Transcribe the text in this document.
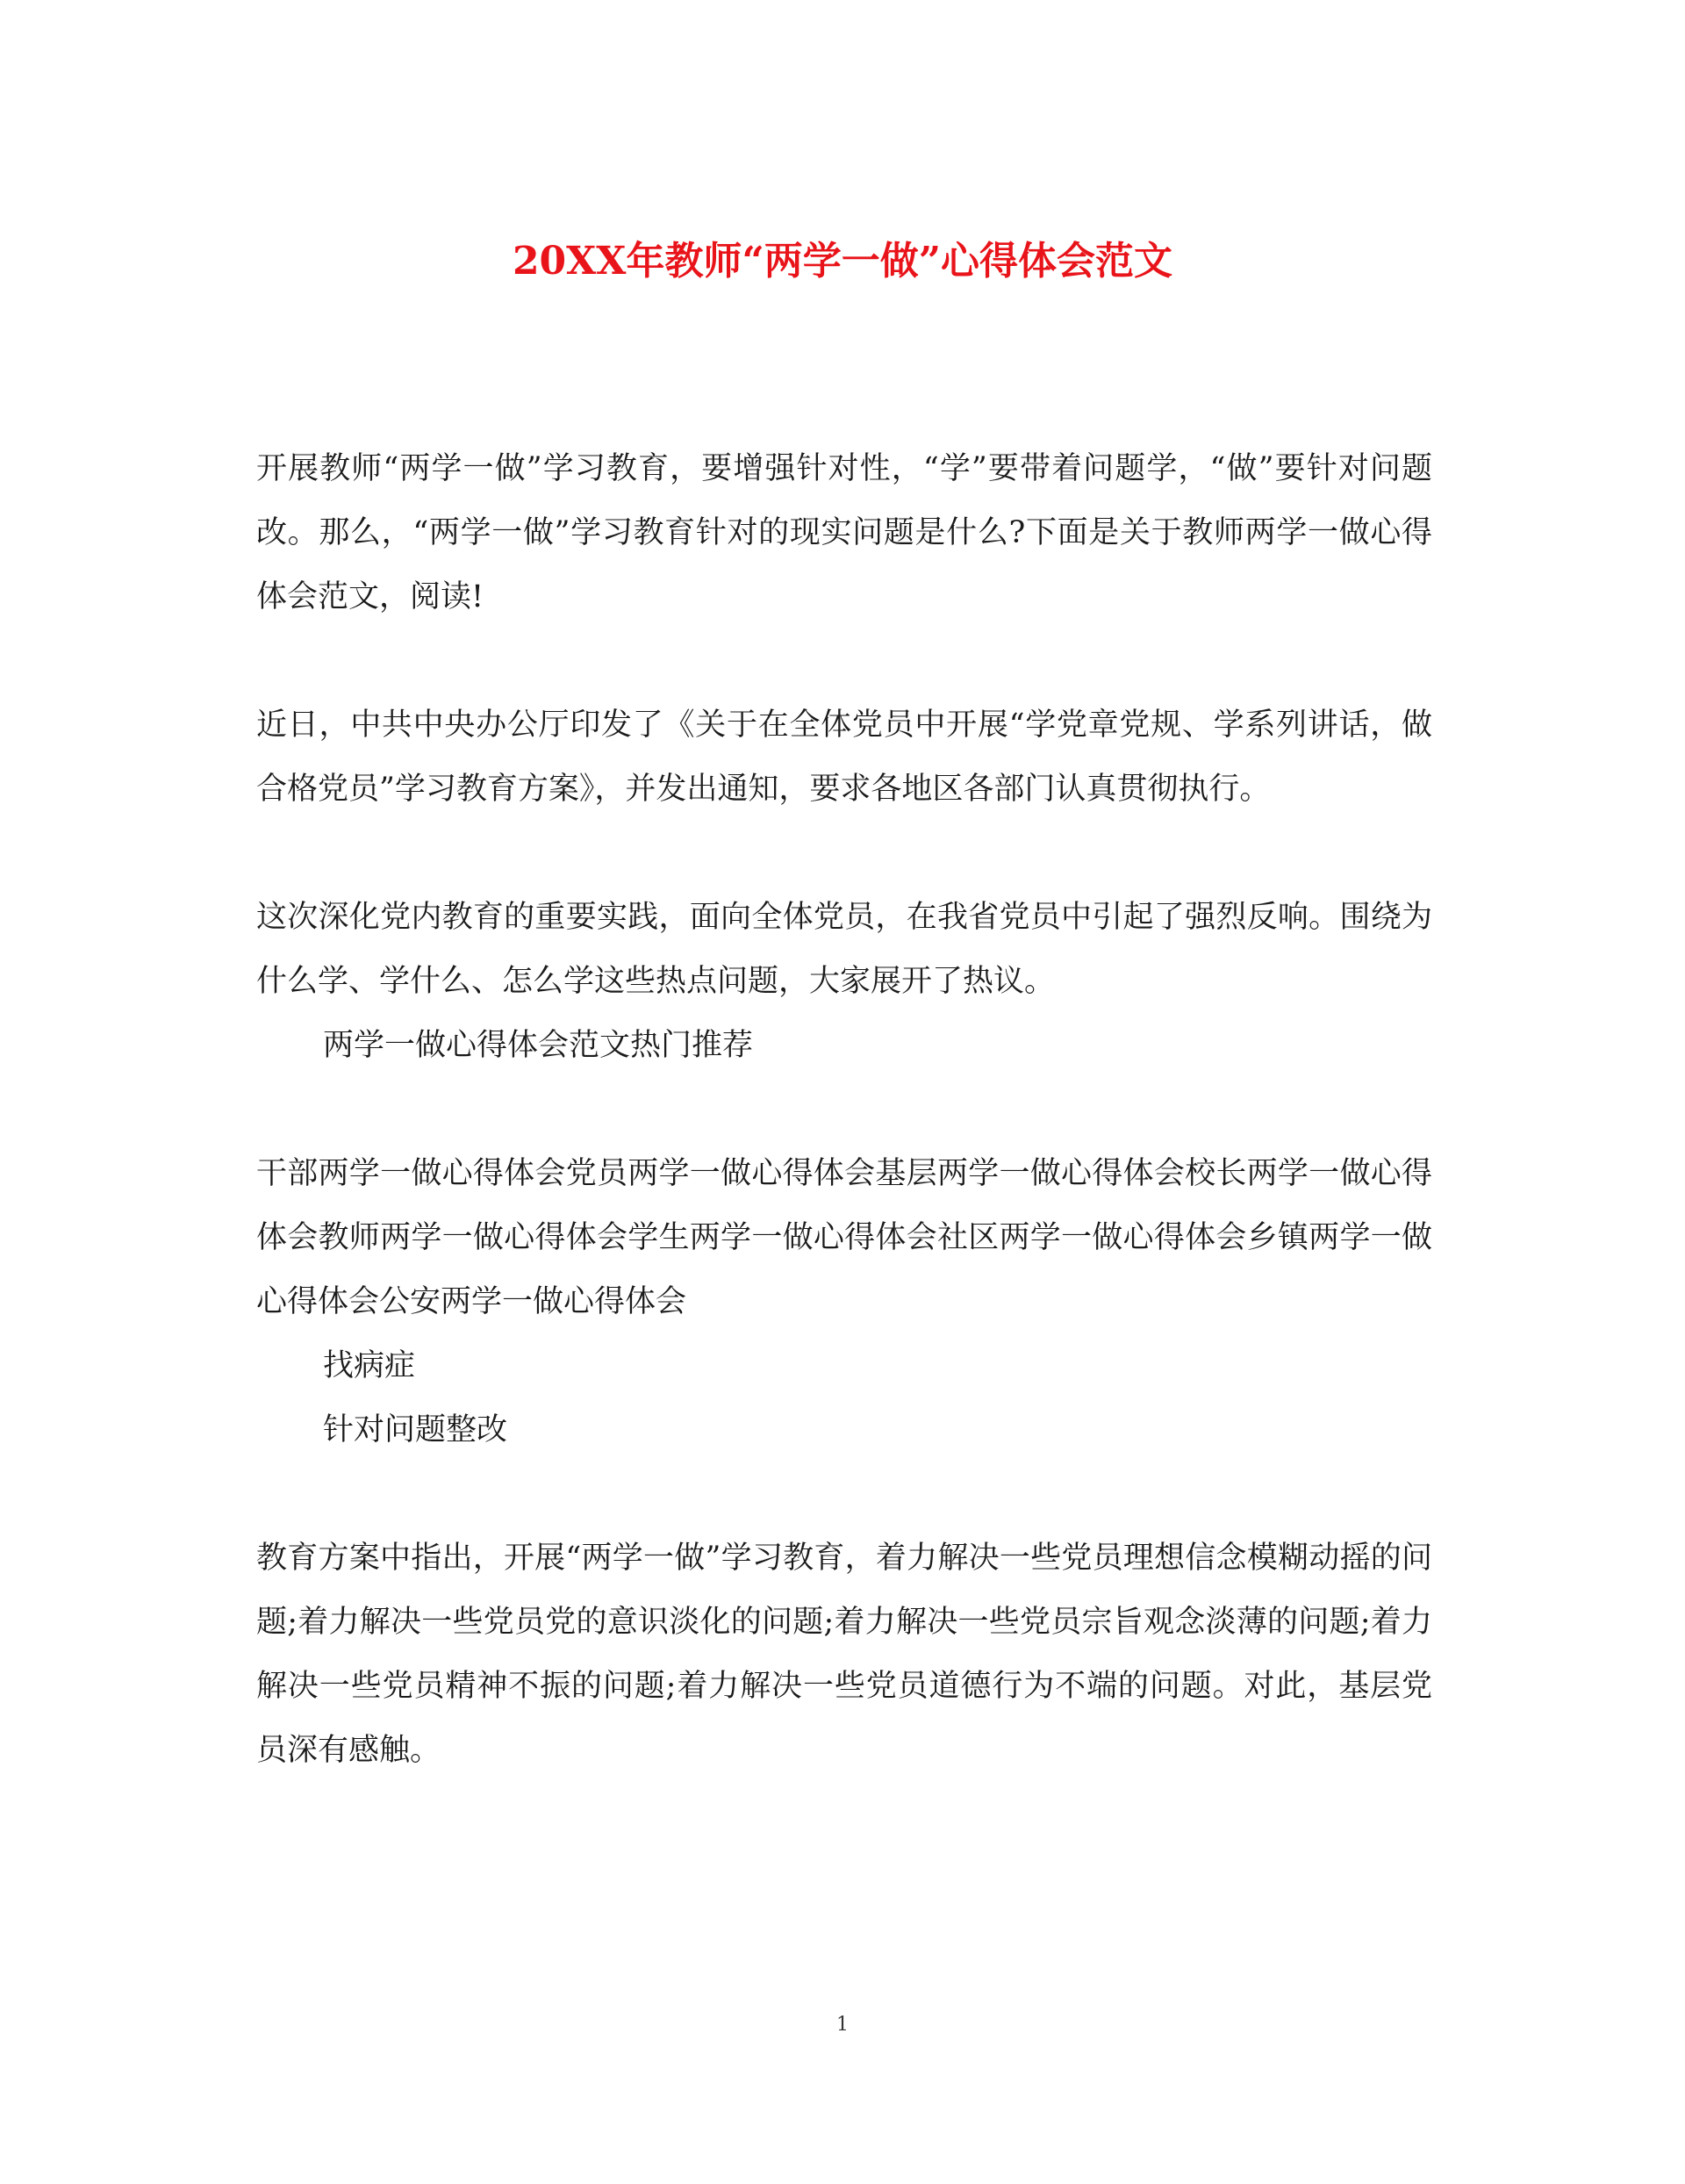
20XX年教师“两学一做”心得体会范文

开展教师“两学一做”学习教育，要增强针对性，“学”要带着问题学，“做”要针对问题改。那么，“两学一做”学习教育针对的现实问题是什么?下面是关于教师两学一做心得体会范文，阅读!

近日，中共中央办公厅印发了《关于在全体党员中开展“学党章党规、学系列讲话，做合格党员”学习教育方案》，并发出通知，要求各地区各部门认真贯彻执行。

这次深化党内教育的重要实践，面向全体党员，在我省党员中引起了强烈反响。围绕为什么学、学什么、怎么学这些热点问题，大家展开了热议。

两学一做心得体会范文热门推荐

干部两学一做心得体会党员两学一做心得体会基层两学一做心得体会校长两学一做心得体会教师两学一做心得体会学生两学一做心得体会社区两学一做心得体会乡镇两学一做心得体会公安两学一做心得体会

找病症

针对问题整改

教育方案中指出，开展“两学一做”学习教育，着力解决一些党员理想信念模糊动摇的问题;着力解决一些党员党的意识淡化的问题;着力解决一些党员宗旨观念淡薄的问题;着力解决一些党员精神不振的问题;着力解决一些党员道德行为不端的问题。对此，基层党员深有感触。

1
